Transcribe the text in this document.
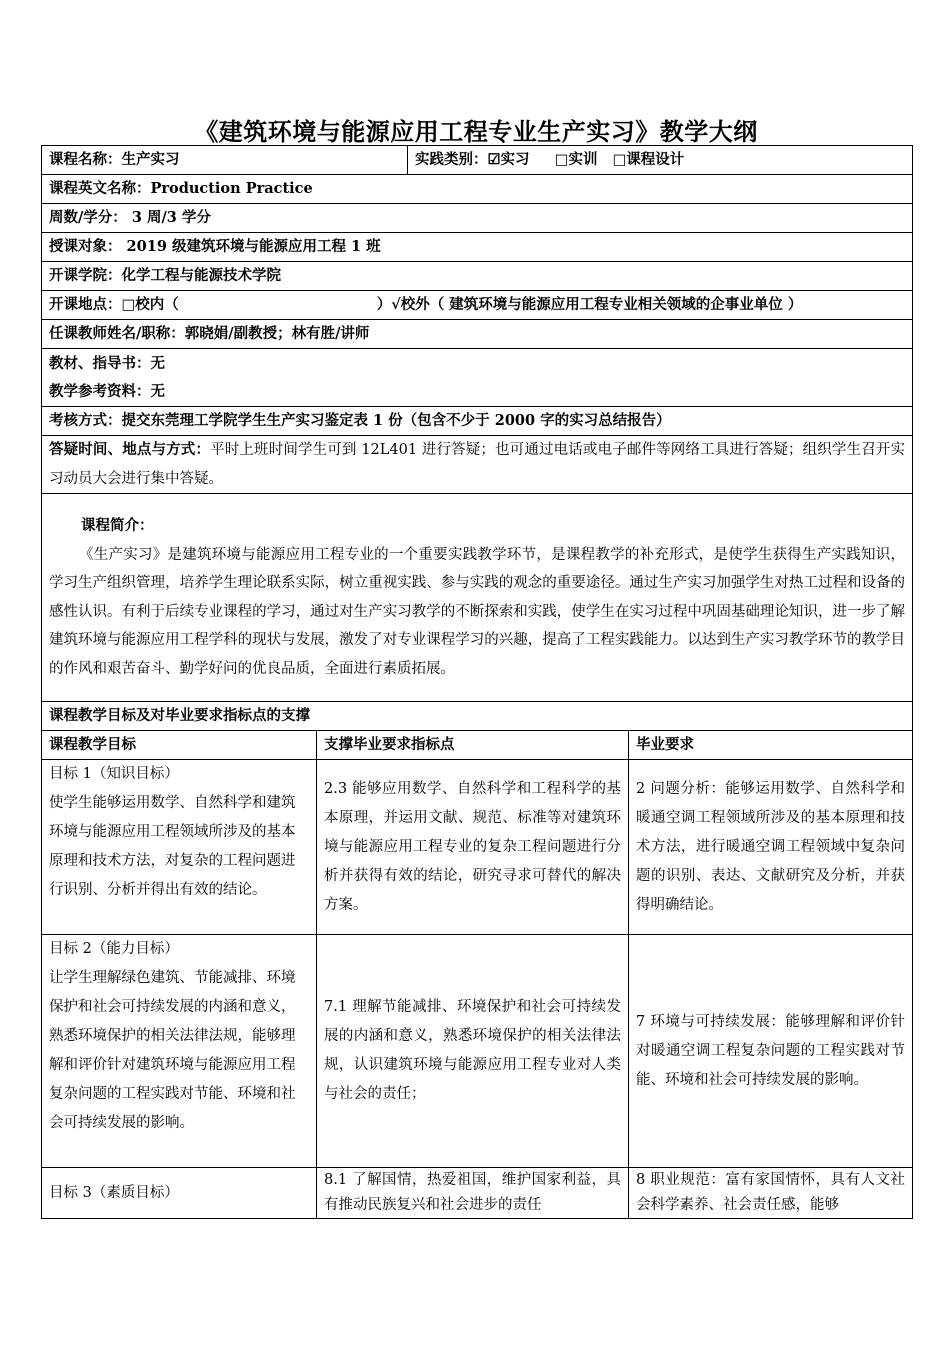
《建筑环境与能源应用工程专业生产实习》教学大纲
课程名称：生产实习		实践类别：☑实习 □实训 □课程设计	
课程英文名称：Production Practice			
周数/学分： 3 周/3 学分			
授课对象： 2019 级建筑环境与能源应用工程 1 班			
开课学院：化学工程与能源技术学院			
开课地点：□校内（ ）√校外（ 建筑环境与能源应用工程专业相关领域的企事业单位 ）			
任课教师姓名/职称：郭晓娟/副教授；林有胜/讲师			

教材、指导书：无
教学参考资料：无			

考核方式：提交东莞理工学院学生生产实习鉴定表 1 份（包含不少于 2000 字的实习总结报告）			
答疑时间、地点与方式：平时上班时间学生可到 12L401 进行答疑；也可通过电话或电子邮件等网络工具进行答疑；组织学生召开实习动员大会进行集中答疑。			

课程简介：
《生产实习》是建筑环境与能源应用工程专业的一个重要实践教学环节，是课程教学的补充形式，是使学生获得生产实践知识，学习生产组织管理，培养学生理论联系实际，树立重视实践、参与实践的观念的重要途径。通过生产实习加强学生对热工过程和设备的感性认识。有利于后续专业课程的学习，通过对生产实习教学的不断探索和实践，使学生在实习过程中巩固基础理论知识，进一步了解建筑环境与能源应用工程学科的现状与发展，激发了对专业课程学习的兴趣，提高了工程实践能力。以达到生产实习教学环节的教学目的作风和艰苦奋斗、勤学好问的优良品质，全面进行素质拓展。			

课程教学目标及对毕业要求指标点的支撑			
课程教学目标	支撑毕业要求指标点		毕业要求

目标 1（知识目标）
使学生能够运用数学、自然科学和建筑环境与能源应用工程领域所涉及的基本原理和技术方法，对复杂的工程问题进行识别、分析并得出有效的结论。	2.3 能够应用数学、自然科学和工程科学的基本原理，并运用文献、规范、标准等对建筑环境与能源应用工程专业的复杂工程问题进行分析并获得有效的结论，研究寻求可替代的解决方案。		2 问题分析：能够运用数学、自然科学和暖通空调工程领域所涉及的基本原理和技术方法，进行暖通空调工程领域中复杂问题的识别、表达、文献研究及分析，并获得明确结论。

目标 2（能力目标）
让学生理解绿色建筑、节能减排、环境保护和社会可持续发展的内涵和意义，熟悉环境保护的相关法律法规，能够理解和评价针对建筑环境与能源应用工程复杂问题的工程实践对节能、环境和社会可持续发展的影响。	7.1 理解节能减排、环境保护和社会可持续发展的内涵和意义，熟悉环境保护的相关法律法规，认识建筑环境与能源应用工程专业对人类与社会的责任；		7 环境与可持续发展：能够理解和评价针对暖通空调工程复杂问题的工程实践对节能、环境和社会可持续发展的影响。

目标 3（素质目标）	8.1 了解国情，热爱祖国，维护国家利益，具有推动民族复兴和社会进步的责任		8 职业规范：富有家国情怀，具有人文社会科学素养、社会责任感，能够
